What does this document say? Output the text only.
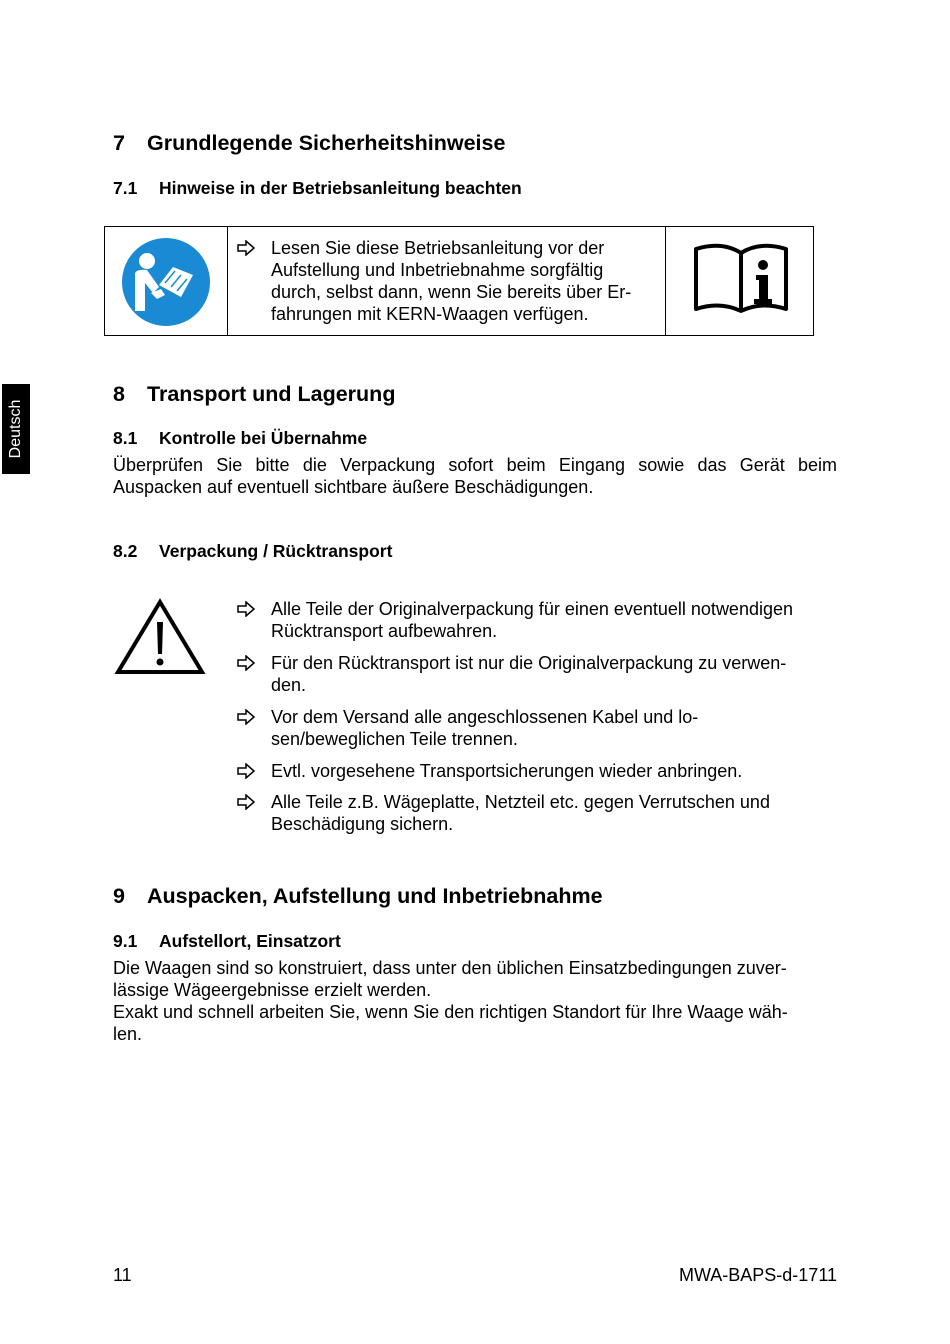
Deutsch
7 Grundlegende Sicherheitshinweise
7.1 Hinweise in der Betriebsanleitung beachten
Lesen Sie diese Betriebsanleitung vor der
Aufstellung und Inbetriebnahme sorgfältig
durch, selbst dann, wenn Sie bereits über Er-
fahrungen mit KERN-Waagen verfügen.
8 Transport und Lagerung
8.1 Kontrolle bei Übernahme
Überprüfen Sie bitte die Verpackung sofort beim Eingang sowie das Gerät beim
Auspacken auf eventuell sichtbare äußere Beschädigungen.
8.2 Verpackung / Rücktransport
Alle Teile der Originalverpackung für einen eventuell notwendigen
Rücktransport aufbewahren.
Für den Rücktransport ist nur die Originalverpackung zu verwen-
den.
Vor dem Versand alle angeschlossenen Kabel und lo-
sen/beweglichen Teile trennen.
Evtl. vorgesehene Transportsicherungen wieder anbringen.
Alle Teile z.B. Wägeplatte, Netzteil etc. gegen Verrutschen und
Beschädigung sichern.
9 Auspacken, Aufstellung und Inbetriebnahme
9.1 Aufstellort, Einsatzort
Die Waagen sind so konstruiert, dass unter den üblichen Einsatzbedingungen zuver-
lässige Wägeergebnisse erzielt werden.
Exakt und schnell arbeiten Sie, wenn Sie den richtigen Standort für Ihre Waage wäh-
len.
11	MWA-BAPS-d-1711
